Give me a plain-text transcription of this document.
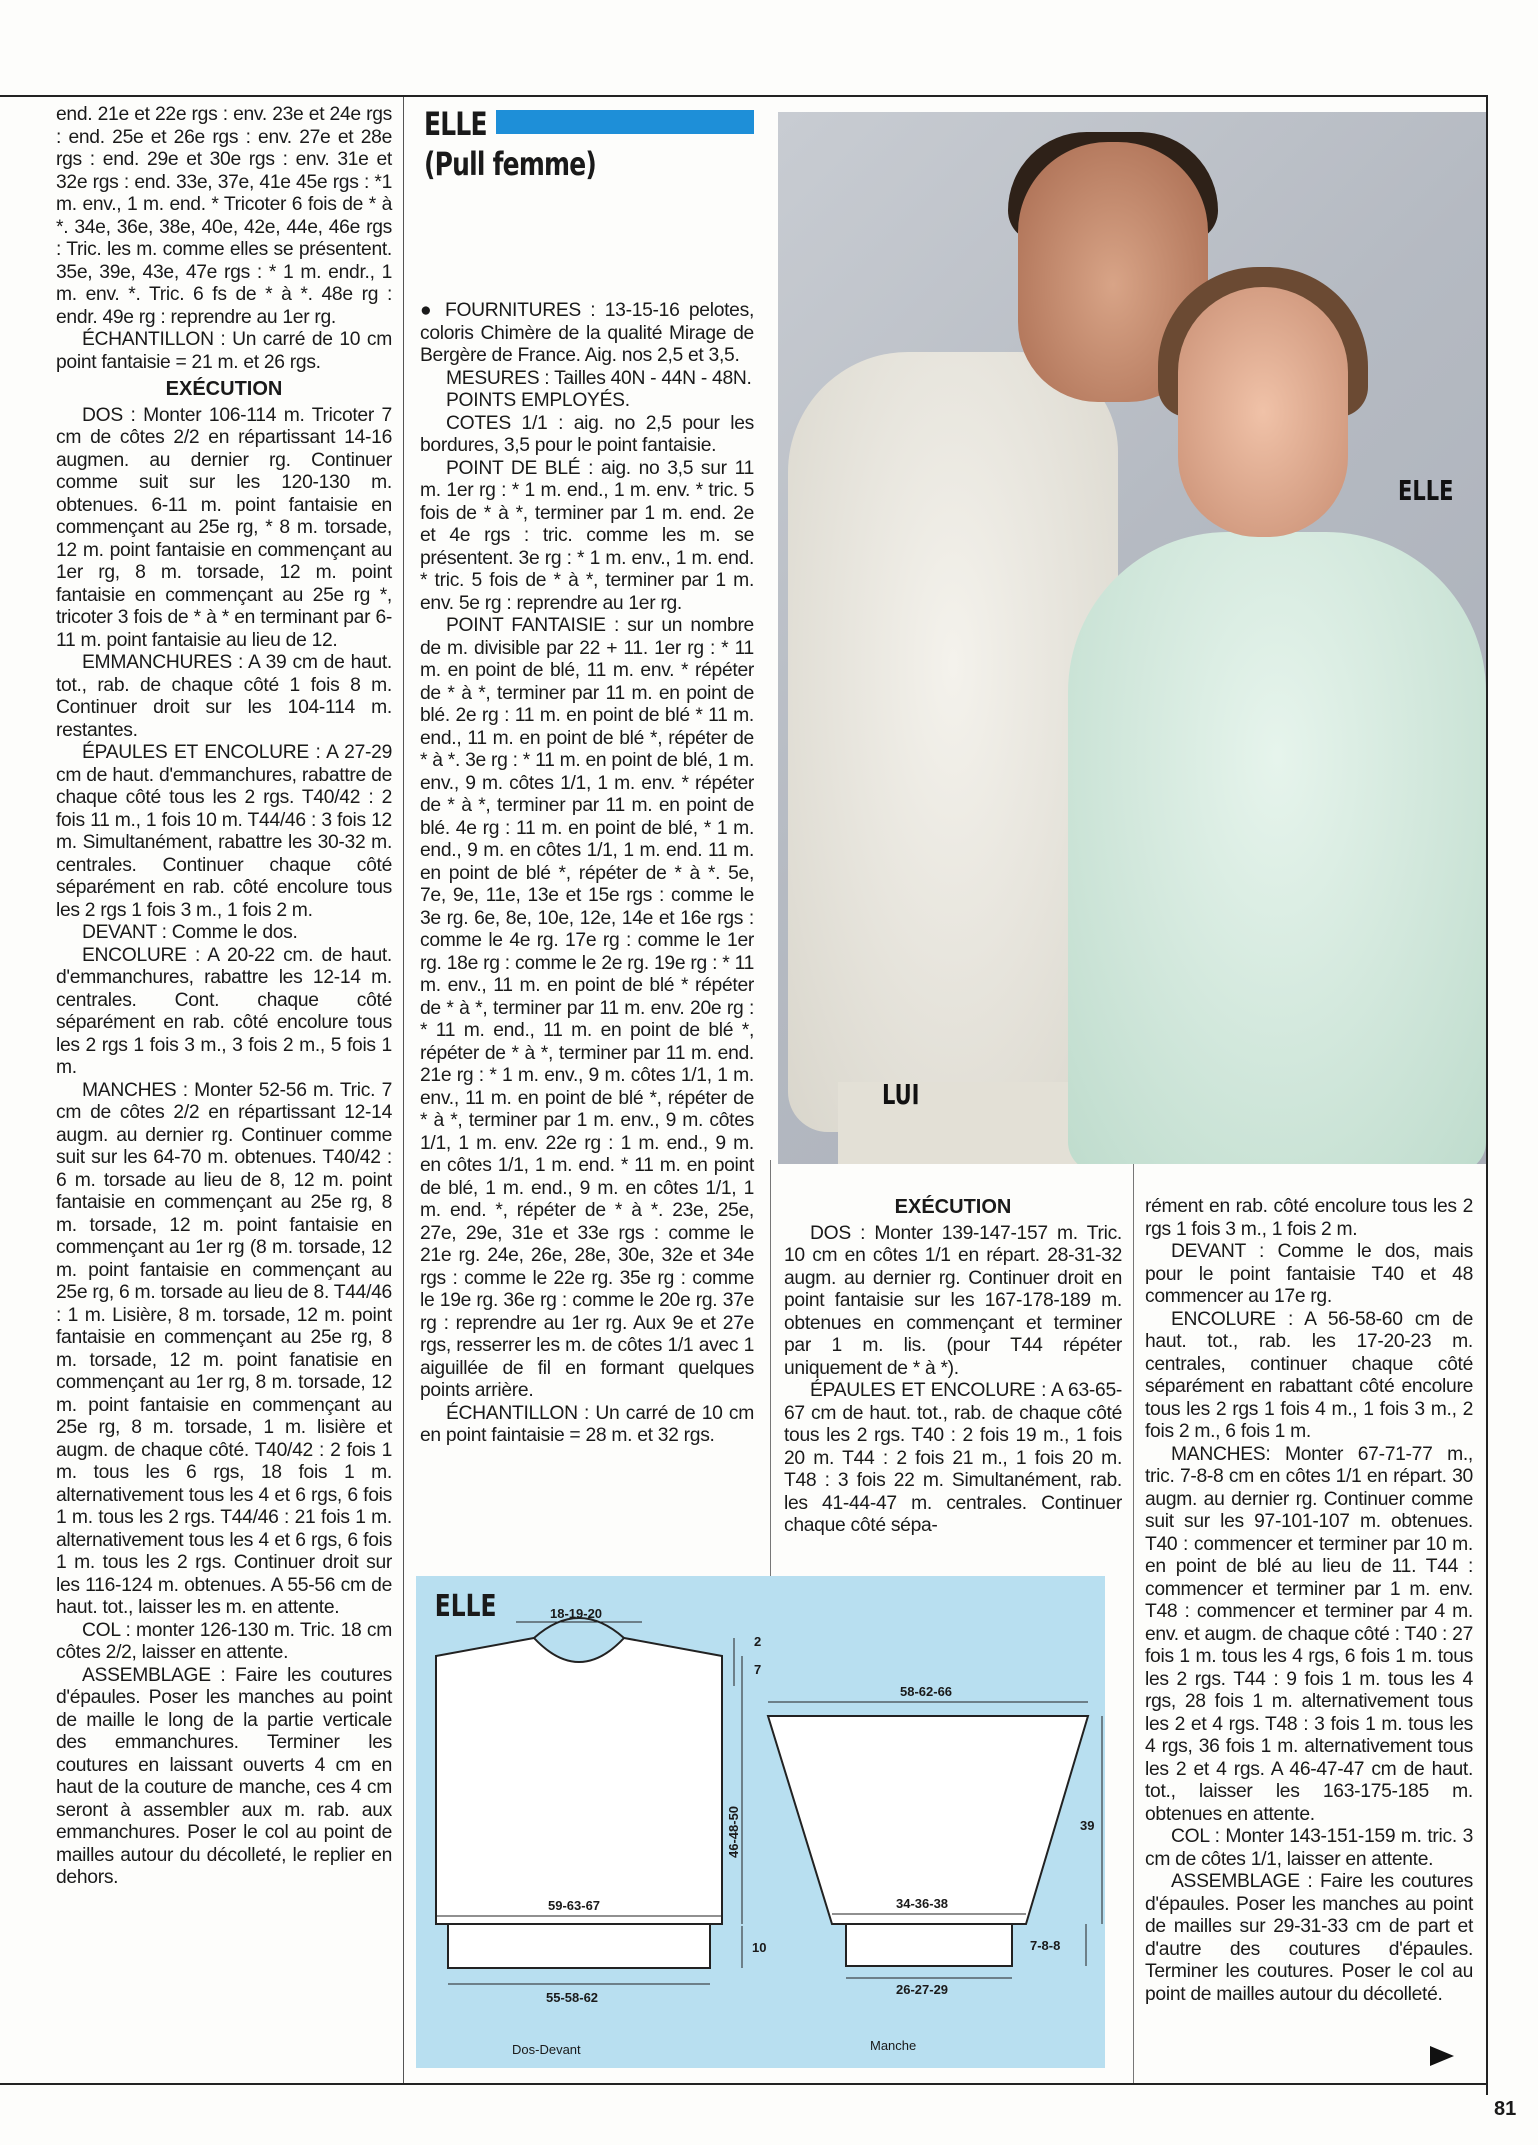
end. 21e et 22e rgs : env. 23e et 24e rgs : end. 25e et 26e rgs : env. 27e et 28e rgs : end. 29e et 30e rgs : env. 31e et 32e rgs : end. 33e, 37e, 41e 45e rgs : *1 m. env., 1 m. end. * Tricoter 6 fois de * à *. 34e, 36e, 38e, 40e, 42e, 44e, 46e rgs : Tric. les m. comme elles se présentent. 35e, 39e, 43e, 47e rgs : * 1 m. endr., 1 m. env. *. Tric. 6 fs de * à *. 48e rg : endr. 49e rg : reprendre au 1er rg.

ÉCHANTILLON : Un carré de 10 cm point fantaisie = 21 m. et 26 rgs.

EXÉCUTION

DOS : Monter 106-114 m. Tricoter 7 cm de côtes 2/2 en répartissant 14-16 augmen. au dernier rg. Continuer comme suit sur les 120-130 m. obtenues. 6-11 m. point fantaisie en commençant au 25e rg, * 8 m. torsade, 12 m. point fantaisie en commençant au 1er rg, 8 m. torsade, 12 m. point fantaisie en commençant au 25e rg *, tricoter 3 fois de * à * en terminant par 6-11 m. point fantaisie au lieu de 12.

EMMANCHURES : A 39 cm de haut. tot., rab. de chaque côté 1 fois 8 m. Continuer droit sur les 104-114 m. restantes.

ÉPAULES ET ENCOLURE : A 27-29 cm de haut. d'emmanchures, rabattre de chaque côté tous les 2 rgs. T40/42 : 2 fois 11 m., 1 fois 10 m. T44/46 : 3 fois 12 m. Simultanément, rabattre les 30-32 m. centrales. Continuer chaque côté séparément en rab. côté encolure tous les 2 rgs 1 fois 3 m., 1 fois 2 m.

DEVANT : Comme le dos.

ENCOLURE : A 20-22 cm. de haut. d'emmanchures, rabattre les 12-14 m. centrales. Cont. chaque côté séparément en rab. côté encolure tous les 2 rgs 1 fois 3 m., 3 fois 2 m., 5 fois 1 m.

MANCHES : Monter 52-56 m. Tric. 7 cm de côtes 2/2 en répartissant 12-14 augm. au dernier rg. Continuer comme suit sur les 64-70 m. obtenues. T40/42 : 6 m. torsade au lieu de 8, 12 m. point fantaisie en commençant au 25e rg, 8 m. torsade, 12 m. point fantaisie en commençant au 1er rg (8 m. torsade, 12 m. point fantaisie en commençant au 25e rg, 6 m. torsade au lieu de 8. T44/46 : 1 m. Lisière, 8 m. torsade, 12 m. point fantaisie en commençant au 25e rg, 8 m. torsade, 12 m. point fanatisie en commençant au 1er rg, 8 m. torsade, 12 m. point fantaisie en commençant au 25e rg, 8 m. torsade, 1 m. lisière et augm. de chaque côté. T40/42 : 2 fois 1 m. tous les 6 rgs, 18 fois 1 m. alternativement tous les 4 et 6 rgs, 6 fois 1 m. tous les 2 rgs. T44/46 : 21 fois 1 m. alternativement tous les 4 et 6 rgs, 6 fois 1 m. tous les 2 rgs. Continuer droit sur les 116-124 m. obtenues. A 55-56 cm de haut. tot., laisser les m. en attente.

COL : monter 126-130 m. Tric. 18 cm côtes 2/2, laisser en attente.

ASSEMBLAGE : Faire les coutures d'épaules. Poser les manches au point de maille le long de la partie verticale des emmanchures. Terminer les coutures en laissant ouverts 4 cm en haut de la couture de manche, ces 4 cm seront à assembler aux m. rab. aux emmanchures. Poser le col au point de mailles autour du décolleté, le replier en dehors.

ELLE
(Pull femme)

● FOURNITURES : 13-15-16 pelotes, coloris Chimère de la qualité Mirage de Bergère de France. Aig. nos 2,5 et 3,5.

MESURES : Tailles 40N - 44N - 48N.

POINTS EMPLOYÉS.

COTES 1/1 : aig. no 2,5 pour les bordures, 3,5 pour le point fantaisie.

POINT DE BLÉ : aig. no 3,5 sur 11 m. 1er rg : * 1 m. end., 1 m. env. * tric. 5 fois de * à *, terminer par 1 m. end. 2e et 4e rgs : tric. comme les m. se présentent. 3e rg : * 1 m. env., 1 m. end. * tric. 5 fois de * à *, terminer par 1 m. env. 5e rg : reprendre au 1er rg.

POINT FANTAISIE : sur un nombre de m. divisible par 22 + 11. 1er rg : * 11 m. en point de blé, 11 m. env. * répéter de * à *, terminer par 11 m. en point de blé. 2e rg : 11 m. en point de blé * 11 m. end., 11 m. en point de blé *, répéter de * à *. 3e rg : * 11 m. en point de blé, 1 m. env., 9 m. côtes 1/1, 1 m. env. * répéter de * à *, terminer par 11 m. en point de blé. 4e rg : 11 m. en point de blé, * 1 m. end., 9 m. en côtes 1/1, 1 m. end. 11 m. en point de blé *, répéter de * à *. 5e, 7e, 9e, 11e, 13e et 15e rgs : comme le 3e rg. 6e, 8e, 10e, 12e, 14e et 16e rgs : comme le 4e rg. 17e rg : comme le 1er rg. 18e rg : comme le 2e rg. 19e rg : * 11 m. env., 11 m. en point de blé * répéter de * à *, terminer par 11 m. env. 20e rg : * 11 m. end., 11 m. en point de blé *, répéter de * à *, terminer par 11 m. end. 21e rg : * 1 m. env., 9 m. côtes 1/1, 1 m. env., 11 m. en point de blé *, répéter de * à *, terminer par 1 m. env., 9 m. côtes 1/1, 1 m. env. 22e rg : 1 m. end., 9 m. en côtes 1/1, 1 m. end. * 11 m. en point de blé, 1 m. end., 9 m. en côtes 1/1, 1 m. end. *, répéter de * à *. 23e, 25e, 27e, 29e, 31e et 33e rgs : comme le 21e rg. 24e, 26e, 28e, 30e, 32e et 34e rgs : comme le 22e rg. 35e rg : comme le 19e rg. 36e rg : comme le 20e rg. 37e rg : reprendre au 1er rg. Aux 9e et 27e rgs, resserrer les m. de côtes 1/1 avec 1 aiguillée de fil en formant quelques points arrière.

ÉCHANTILLON : Un carré de 10 cm en point faintaisie = 28 m. et 32 rgs.

ELLE
LUI
EXÉCUTION

DOS : Monter 139-147-157 m. Tric. 10 cm en côtes 1/1 en répart. 28-31-32 augm. au dernier rg. Continuer droit en point fantaisie sur les 167-178-189 m. obtenues en commençant et terminer par 1 m. lis. (pour T44 répéter uniquement de * à *).

ÉPAULES ET ENCOLURE : A 63-65-67 cm de haut. tot., rab. de chaque côté tous les 2 rgs. T40 : 2 fois 19 m., 1 fois 20 m. T44 : 2 fois 21 m., 1 fois 20 m. T48 : 3 fois 22 m. Simultanément, rab. les 41-44-47 m. centrales. Continuer chaque côté sépa-

rément en rab. côté encolure tous les 2 rgs 1 fois 3 m., 1 fois 2 m.

DEVANT : Comme le dos, mais pour le point fantaisie T40 et 48 commencer au 17e rg.

ENCOLURE : A 56-58-60 cm de haut. tot., rab. les 17-20-23 m. centrales, continuer chaque côté séparément en rabattant côté encolure tous les 2 rgs 1 fois 4 m., 1 fois 3 m., 2 fois 2 m., 6 fois 1 m.

MANCHES: Monter 67-71-77 m., tric. 7-8-8 cm en côtes 1/1 en répart. 30 augm. au dernier rg. Continuer comme suit sur les 97-101-107 m. obtenues. T40 : commencer et terminer par 10 m. en point de blé au lieu de 11. T44 : commencer et terminer par 1 m. env. T48 : commencer et terminer par 4 m. env. et augm. de chaque côté : T40 : 27 fois 1 m. tous les 4 rgs, 6 fois 1 m. tous les 2 rgs. T44 : 9 fois 1 m. tous les 4 rgs, 28 fois 1 m. alternativement tous les 2 et 4 rgs. T48 : 3 fois 1 m. tous les 4 rgs, 36 fois 1 m. alternativement tous les 2 et 4 rgs. A 46-47-47 cm de haut. tot., laisser les 163-175-185 m. obtenues en attente.

COL : Monter 143-151-159 m. tric. 3 cm de côtes 1/1, laisser en attente.

ASSEMBLAGE : Faire les coutures d'épaules. Poser les manches au point de mailles sur 29-31-33 cm de part et d'autre des coutures d'épaules. Terminer les coutures. Poser le col au point de mailles autour du décolleté.

ELLE	18-19-20
2
7
46-48-50
59-63-67
10
55-58-62
Dos-Devant
58-62-66
39
34-36-38
7-8-8
26-27-29
Manche
81
